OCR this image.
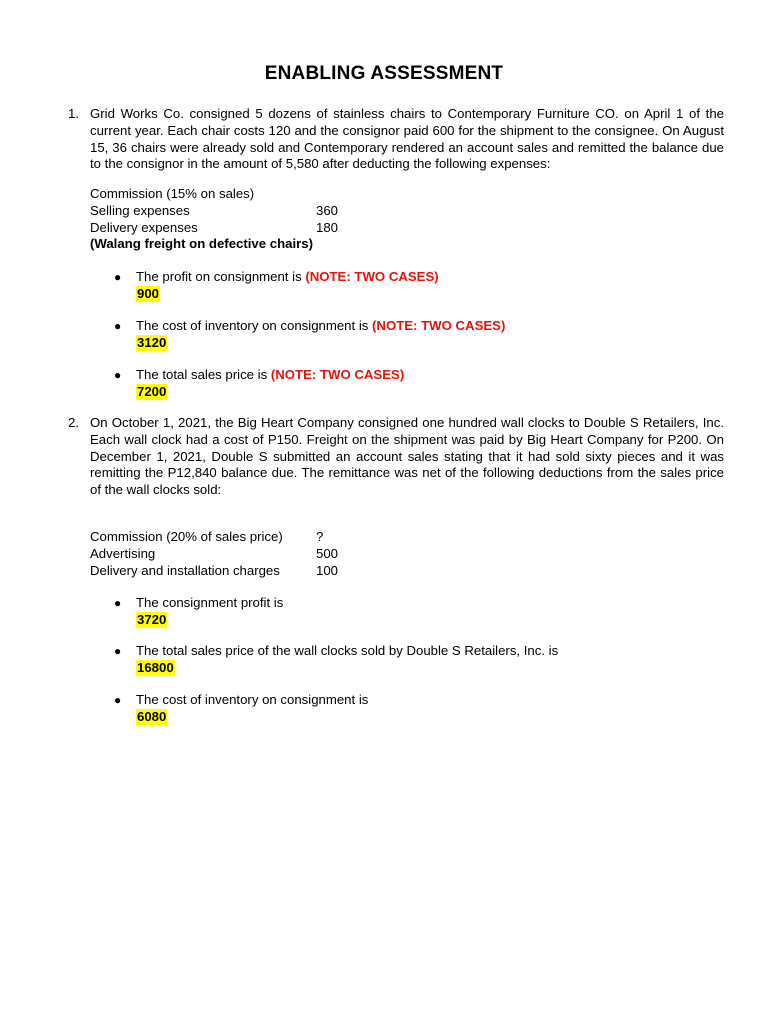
ENABLING ASSESSMENT
1. Grid Works Co. consigned 5 dozens of stainless chairs to Contemporary Furniture CO. on April 1 of the current year. Each chair costs 120 and the consignor paid 600 for the shipment to the consignee. On August 15, 36 chairs were already sold and Contemporary rendered an account sales and remitted the balance due to the consignor in the amount of 5,580 after deducting the following expenses:
Commission (15% on sales)
Selling expenses	360
Delivery expenses	180
(Walang freight on defective chairs)
● The profit on consignment is (NOTE: TWO CASES)
900
● The cost of inventory on consignment is (NOTE: TWO CASES)
3120
● The total sales price is (NOTE: TWO CASES)
7200
2. On October 1, 2021, the Big Heart Company consigned one hundred wall clocks to Double S Retailers, Inc. Each wall clock had a cost of P150. Freight on the shipment was paid by Big Heart Company for P200. On December 1, 2021, Double S submitted an account sales stating that it had sold sixty pieces and it was remitting the P12,840 balance due. The remittance was net of the following deductions from the sales price of the wall clocks sold:
Commission (20% of sales price)	?
Advertising	500
Delivery and installation charges	100
● The consignment profit is
3720
● The total sales price of the wall clocks sold by Double S Retailers, Inc. is
16800
● The cost of inventory on consignment is
6080
